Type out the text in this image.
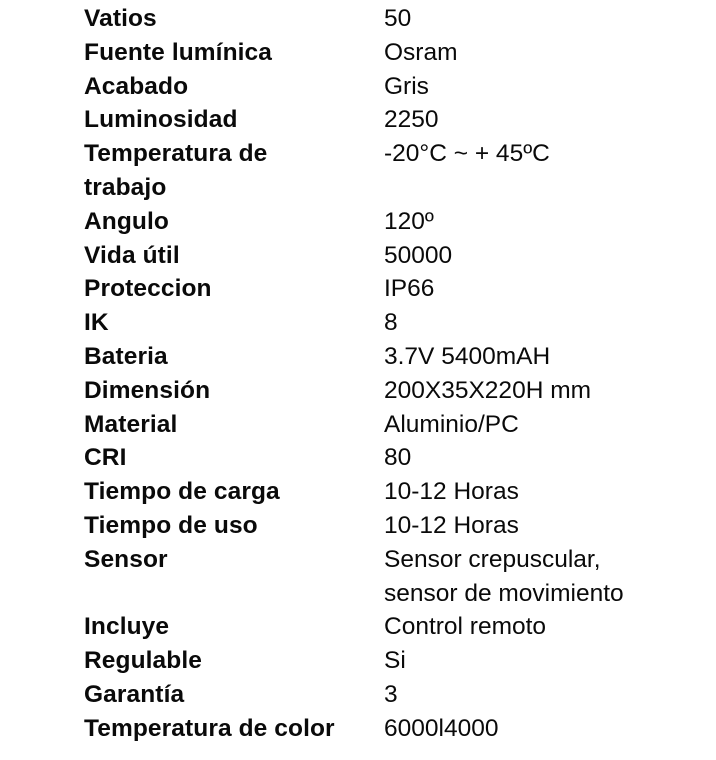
Vatios	50
Fuente lumínica	Osram
Acabado	Gris
Luminosidad	2250

Temperatura de
trabajo	-20°C ~ + 45ºC
Angulo	120º
Vida útil	50000
Proteccion	IP66
IK	8
Bateria	3.7V 5400mAH
Dimensión	200X35X220H mm
Material	Aluminio/PC
CRI	80
Tiempo de carga	10-12 Horas
Tiempo de uso	10-12 Horas
Sensor	Sensor crepuscular,
sensor de movimiento

Incluye	Control remoto
Regulable	Si
Garantía	3
Temperatura de color	6000l4000
